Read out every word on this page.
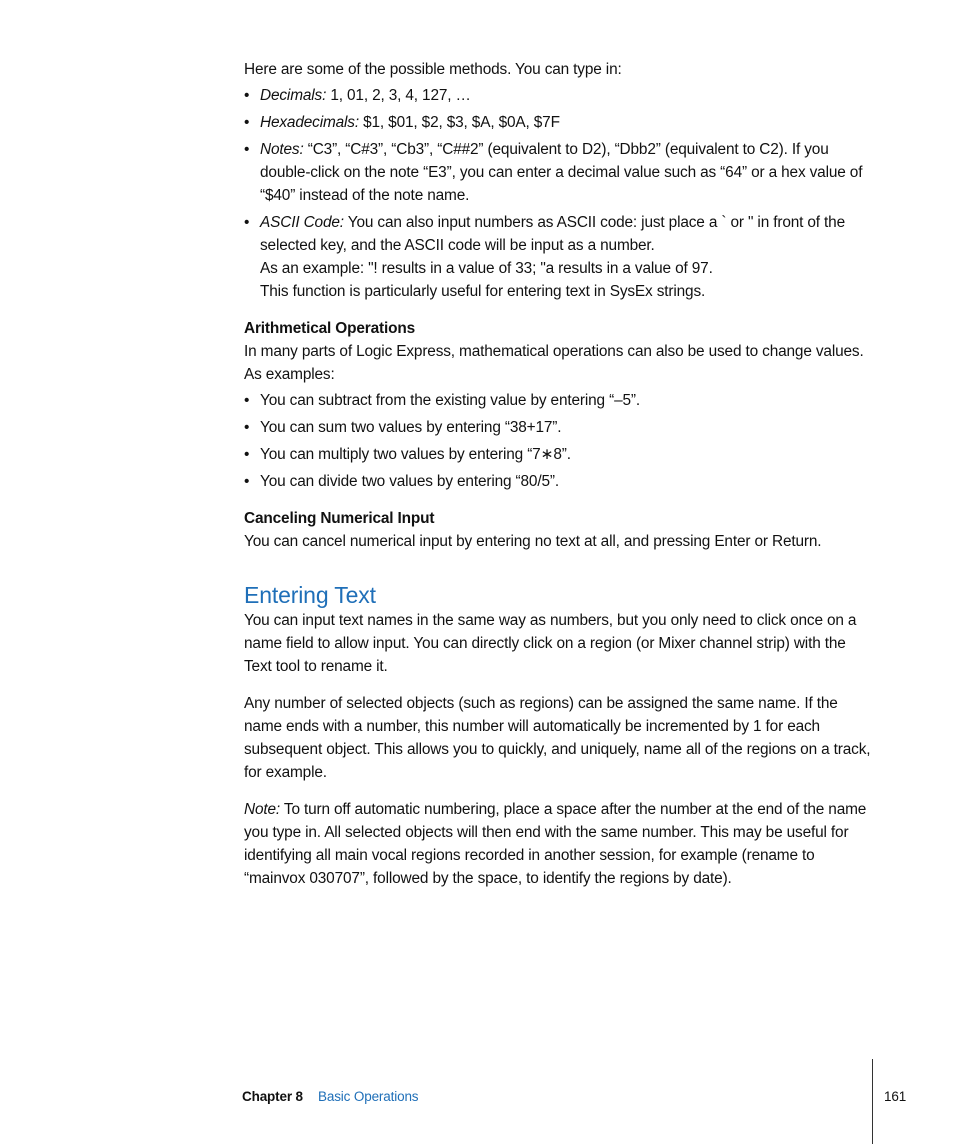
Here are some of the possible methods. You can type in:

• Decimals: 1, 01, 2, 3, 4, 127, …
• Hexadecimals: $1, $01, $2, $3, $A, $0A, $7F
• Notes: “C3”, “C#3”, “Cb3”, “C##2” (equivalent to D2), “Dbb2” (equivalent to C2). If you double-click on the note “E3”, you can enter a decimal value such as “64” or a hex value of “$40” instead of the note name.
• ASCII Code: You can also input numbers as ASCII code: just place a ` or " in front of the selected key, and the ASCII code will be input as a number.
As an example: "! results in a value of 33; "a results in a value of 97.
This function is particularly useful for entering text in SysEx strings.
Arithmetical Operations

In many parts of Logic Express, mathematical operations can also be used to change values. As examples:

• You can subtract from the existing value by entering “–5”.
• You can sum two values by entering “38+17”.
• You can multiply two values by entering “7∗8”.
• You can divide two values by entering “80/5”.
Canceling Numerical Input

You can cancel numerical input by entering no text at all, and pressing Enter or Return.

Entering Text

You can input text names in the same way as numbers, but you only need to click once on a name field to allow input. You can directly click on a region (or Mixer channel strip) with the Text tool to rename it.

Any number of selected objects (such as regions) can be assigned the same name. If the name ends with a number, this number will automatically be incremented by 1 for each subsequent object. This allows you to quickly, and uniquely, name all of the regions on a track, for example.

Note: To turn off automatic numbering, place a space after the number at the end of the name you type in. All selected objects will then end with the same number. This may be useful for identifying all main vocal regions recorded in another session, for example (rename to “mainvox 030707”, followed by the space, to identify the regions by date).

Chapter 8 Basic Operations	161
